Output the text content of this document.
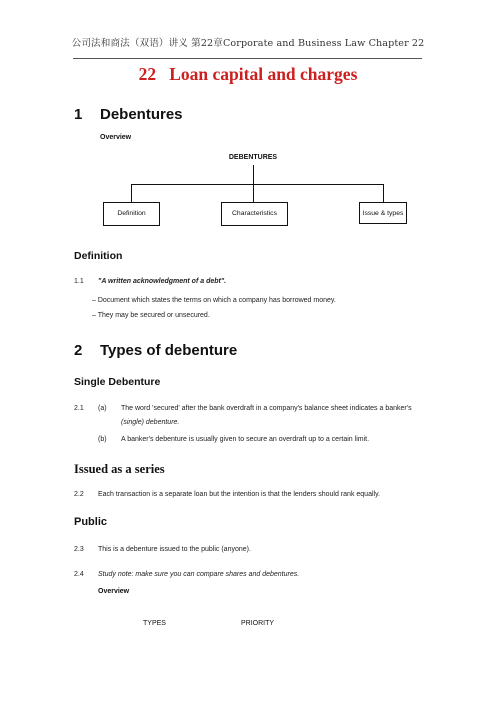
公司法和商法（双语）讲义 第22章Corporate and Business Law Chapter 22
22   Loan capital and charges
1 Debentures
Overview
DEBENTURES
Definition	Characteristics	Issue & types
Definition
1.1 "A written acknowledgment of a debt".
– Document which states the terms on which a company has borrowed money.
– They may be secured or unsecured.
2 Types of debenture
Single Debenture
2.1 (a) The word 'secured' after the bank overdraft in a company's balance sheet indicates a banker's
(single) debenture.
(b) A banker's debenture is usually given to secure an overdraft up to a certain limit.
Issued as a series
2.2 Each transaction is a separate loan but the intention is that the lenders should rank equally.
Public
2.3 This is a debenture issued to the public (anyone).
2.4 Study note: make sure you can compare shares and debentures.
Overview
TYPES	PRIORITY
